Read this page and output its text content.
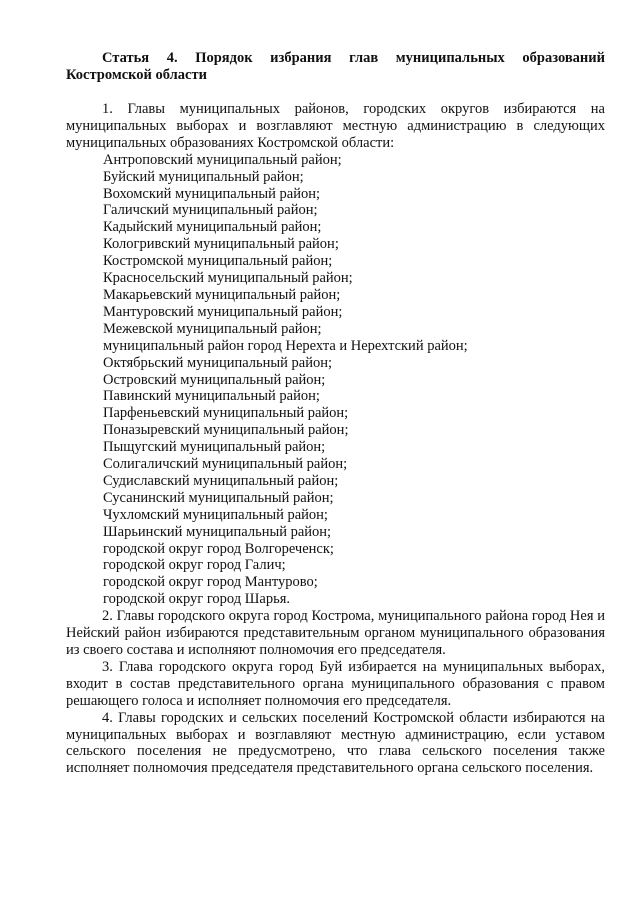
Статья 4. Порядок избрания глав муниципальных образований
Костромской области

1. Главы муниципальных районов, городских округов избираются на муниципальных выборах и возглавляют местную администрацию в следующих муниципальных образованиях Костромской области:

Антроповский муниципальный район;
Буйский муниципальный район;
Вохомский муниципальный район;
Галичский муниципальный район;
Кадыйский муниципальный район;
Кологривский муниципальный район;
Костромской муниципальный район;
Красносельский муниципальный район;
Макарьевский муниципальный район;
Мантуровский муниципальный район;
Межевской муниципальный район;
муниципальный район город Нерехта и Нерехтский район;
Октябрьский муниципальный район;
Островский муниципальный район;
Павинский муниципальный район;
Парфеньевский муниципальный район;
Поназыревский муниципальный район;
Пыщугский муниципальный район;
Солигаличский муниципальный район;
Судиславский муниципальный район;
Сусанинский муниципальный район;
Чухломский муниципальный район;
Шарьинский муниципальный район;
городской округ город Волгореченск;
городской округ город Галич;
городской округ город Мантурово;
городской округ город Шарья.

2. Главы городского округа город Кострома, муниципального района город Нея и Нейский район избираются представительным органом муниципального образования из своего состава и исполняют полномочия его председателя.

3. Глава городского округа город Буй избирается на муниципальных выборах, входит в состав представительного органа муниципального образования с правом решающего голоса и исполняет полномочия его председателя.

4. Главы городских и сельских поселений Костромской области избираются на муниципальных выборах и возглавляют местную администрацию, если уставом сельского поселения не предусмотрено, что глава сельского поселения также исполняет полномочия председателя представительного органа сельского поселения.
